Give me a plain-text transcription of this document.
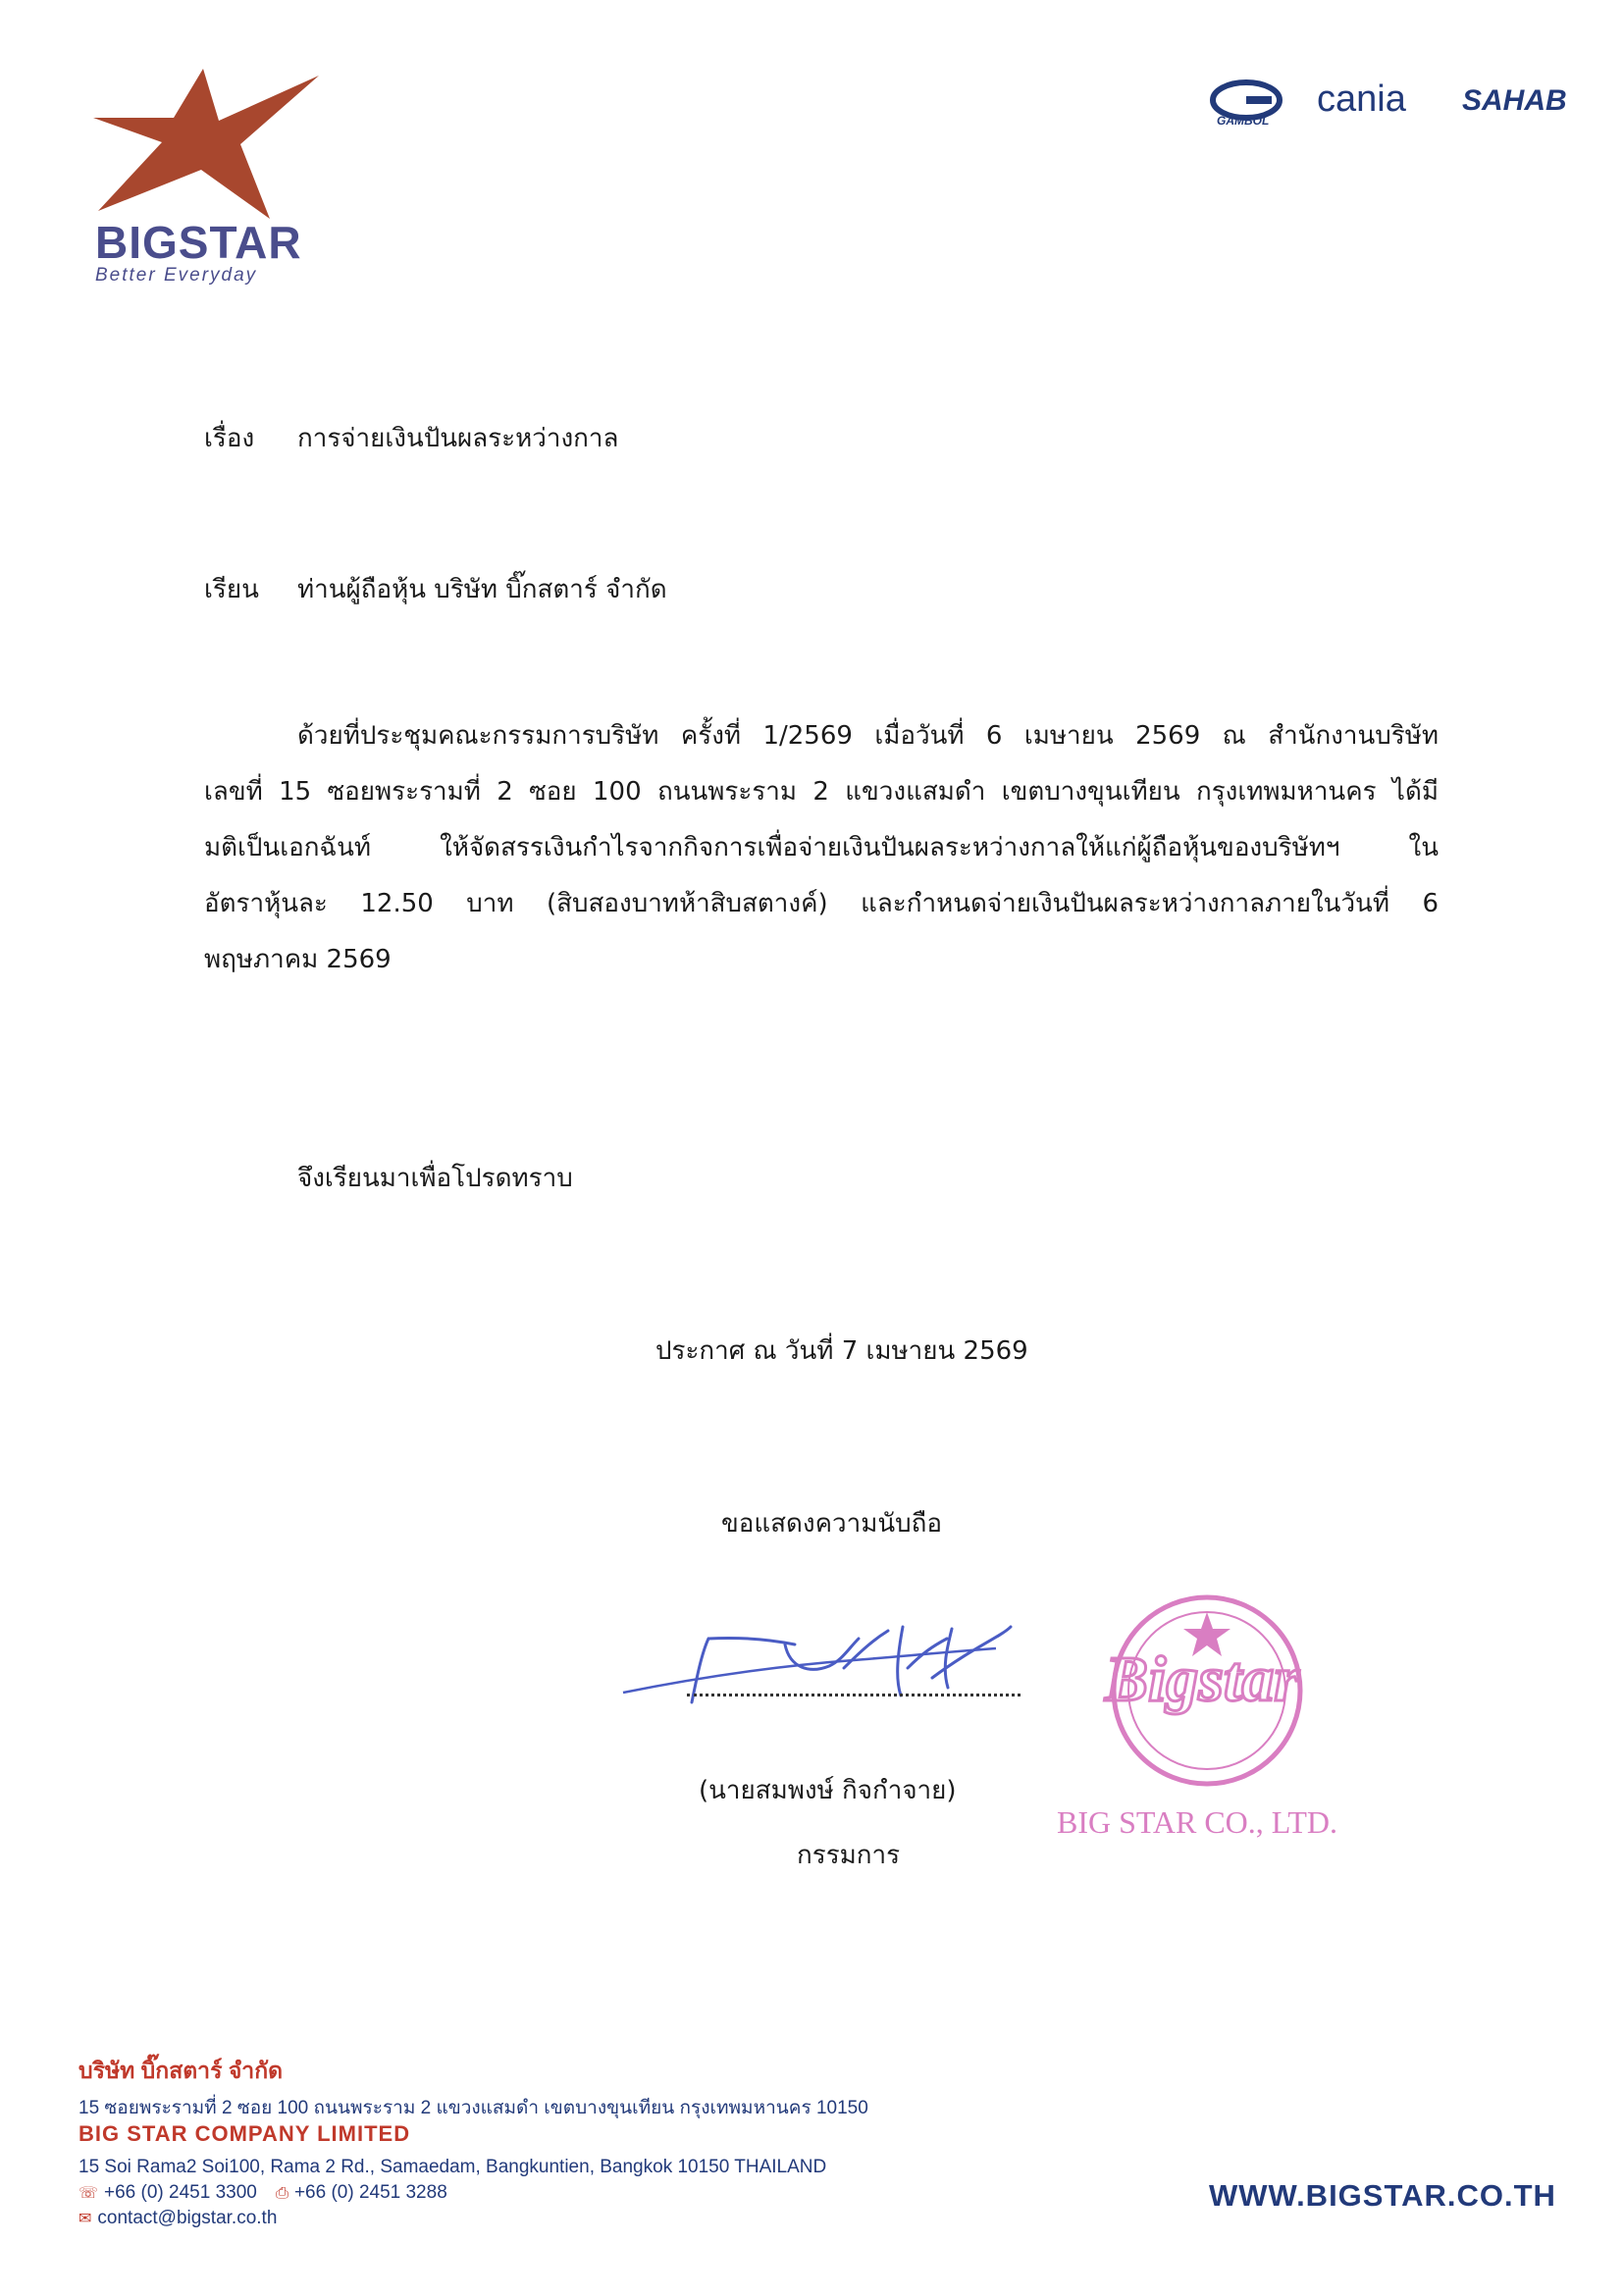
BIGSTAR
Better Everyday
GAMBOL
cania SAHAB
เรื่อง การจ่ายเงินปันผลระหว่างกาล
เรียน ท่านผู้ถือหุ้น บริษัท บิ๊กสตาร์ จำกัด
ด้วยที่ประชุมคณะกรรมการบริษัท ครั้งที่ 1/2569 เมื่อวันที่ 6 เมษายน 2569 ณ สำนักงานบริษัท
เลขที่ 15 ซอยพระรามที่ 2 ซอย 100 ถนนพระราม 2 แขวงแสมดำ เขตบางขุนเทียน กรุงเทพมหานคร ได้มี
มติเป็นเอกฉันท์ ให้จัดสรรเงินกำไรจากกิจการเพื่อจ่ายเงินปันผลระหว่างกาลให้แก่ผู้ถือหุ้นของบริษัทฯ ใน
อัตราหุ้นละ 12.50 บาท (สิบสองบาทห้าสิบสตางค์) และกำหนดจ่ายเงินปันผลระหว่างกาลภายในวันที่ 6
พฤษภาคม 2569
จึงเรียนมาเพื่อโปรดทราบ
ประกาศ ณ วันที่ 7 เมษายน 2569
ขอแสดงความนับถือ
(นายสมพงษ์ กิจกำจาย)
กรรมการ
Bigstar
BIG STAR CO., LTD.
บริษัท บิ๊กสตาร์ จำกัด
15 ซอยพระรามที่ 2 ซอย 100 ถนนพระราม 2 แขวงแสมดำ เขตบางขุนเทียน กรุงเทพมหานคร 10150
BIG STAR COMPANY LIMITED
15 Soi Rama2 Soi100, Rama 2 Rd., Samaedam, Bangkuntien, Bangkok 10150 THAILAND
☏ +66 (0) 2451 3300 ⎙ +66 (0) 2451 3288
✉ contact@bigstar.co.th
WWW.BIGSTAR.CO.TH
